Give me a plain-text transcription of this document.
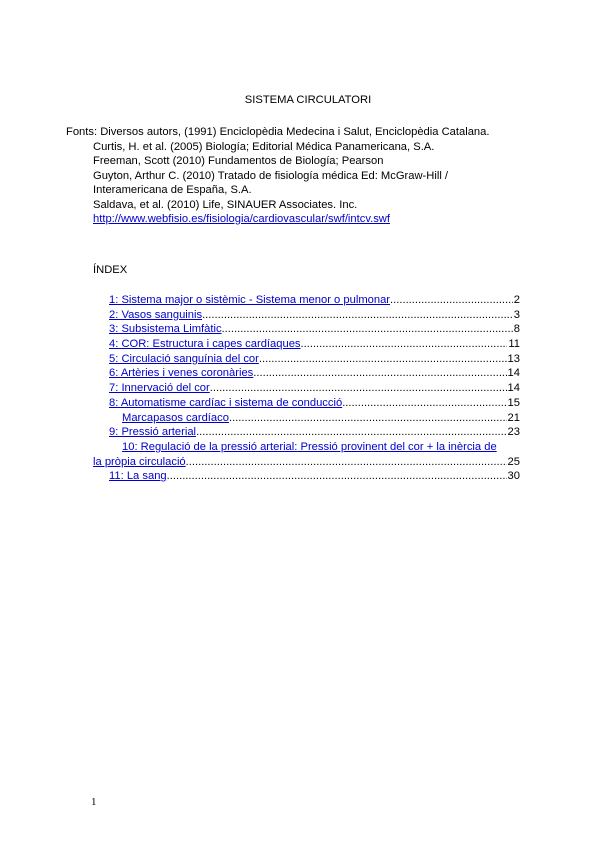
SISTEMA CIRCULATORI
Fonts: Diversos autors, (1991) Enciclopèdia Medecina i Salut, Enciclopèdia Catalana.
Curtis, H. et al. (2005) Biología; Editorial Médica Panamericana, S.A.
Freeman, Scott (2010) Fundamentos de Biología; Pearson
Guyton, Arthur C. (2010) Tratado de fisiología médica Ed: McGraw-Hill /
Interamericana de España, S.A.
Saldava, et al. (2010) Life, SINAUER Associates. Inc.
http://www.webfisio.es/fisiologia/cardiovascular/swf/intcv.swf
ÍNDEX
1: Sistema major o sistèmic - Sistema menor o pulmonar .....	2
2: Vasos sanguinis .....	3
3: Subsistema Limfàtic .....	8
4: COR: Estructura i capes cardíaques .....	11
5: Circulació sanguínia del cor .....	13
6: Artèries i venes coronàries .....	14
7: Innervació del cor .....	14
8: Automatisme cardíac i sistema de conducció .....	15
Marcapasos cardíaco .....	21
9: Pressió arterial .....	23
10: Regulació de la pressió arterial: Pressió provinent del cor + la inèrcia de
la pròpia circulació .....	25
11: La sang .....	30
1
